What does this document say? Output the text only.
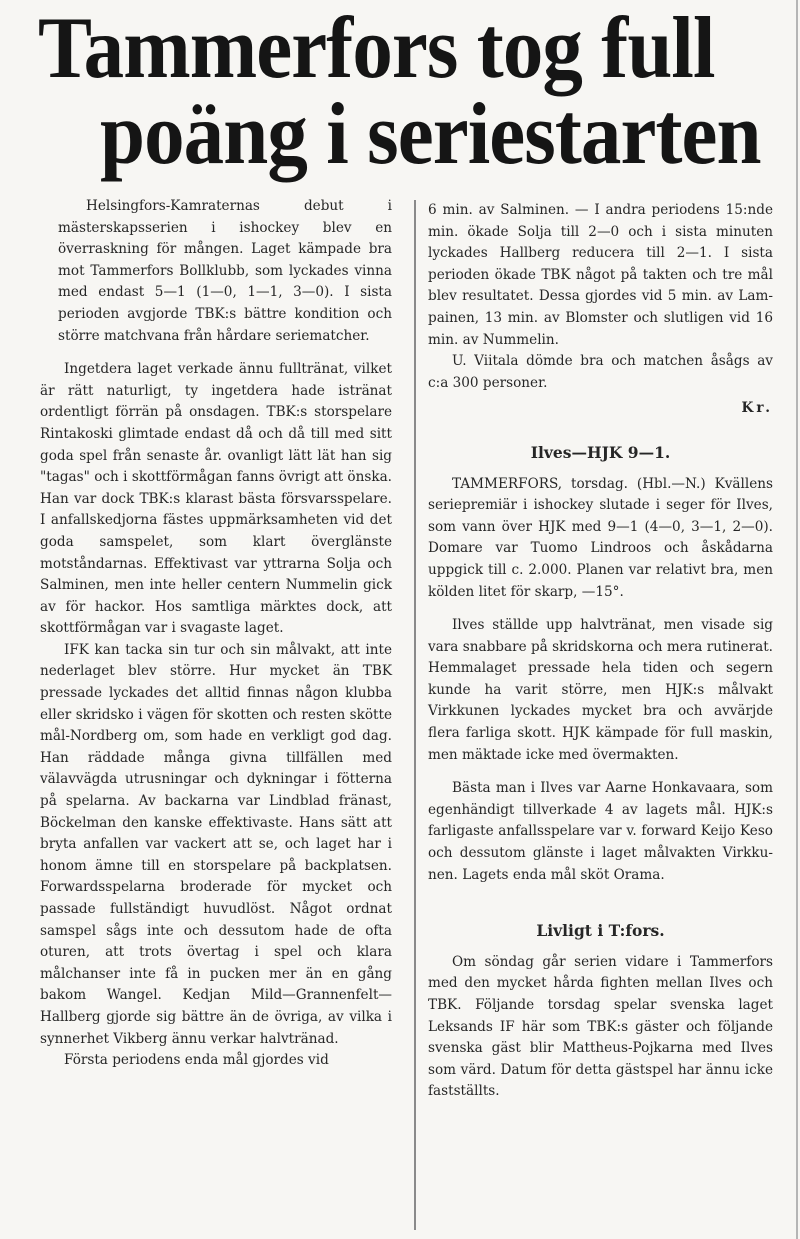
Tammerfors tog full
poäng i seriestarten

Helsingfors-Kamraternas debut i mästerskapsserien i ishockey blev en överraskning för mången. Laget kämpade bra mot Tammerfors Bollklubb, som lyckades vinna med endast 5—1 (1—0, 1—1, 3—0). I sista perioden avgjorde TBK:s bättre kondition och större matchvana från hårdare seriematcher.

Ingetdera laget verkade ännu fulltränat, vilket är rätt naturligt, ty ingetdera hade isträna​t ordentligt förrän på onsdagen. TBK:s storspelare Rintakoski glimtade endast då och då till med sitt goda spel från senaste år. ovanligt lätt lät han sig "tagas" och i skottförmågan fanns övrigt att önska. Han var dock TBK:s klarast bästa försvarsspelare. I anfallskedjorna fästes uppmärksamheten vid det goda samspelet, som klart överglänste motståndarnas. Effektivast var yttrarna Solja och Salminen, men inte heller centern Nummelin gick av för hackor. Hos samtliga märktes dock, att skottförmågan var i svagaste laget.

IFK kan tacka sin tur och sin målvakt, att inte nederlaget blev större. Hur mycket än TBK pressade lyckades det alltid finnas någon klubba eller skridsko i vägen för skotten och resten skötte mål-Nordberg om, som hade en verkligt god dag. Han räddade många givna tillfällen med välavvägda utrusningar och dykningar i fötterna på spelarna. Av backarna var Lindblad fränast, Böckelman den kanske effektivaste. Hans sätt att bryta anfallen var vackert att se, och laget har i honom ämne till en storspelare på backplatsen. Forwardsspelarna broderade för mycket och passade fullständigt huvudlöst. Något ordnat samspel sågs inte och dessutom hade de ofta oturen, att trots övertag i spel och klara målchanser inte få in pucken mer än en gång bakom Wangel. Kedjan Mild—Grannenfelt—Hallberg gjorde sig bättre än de övriga, av vilka i synnerhet Vikberg ännu verkar halvtränad.

Första periodens enda mål gjordes vid

6 min. av Salminen. — I andra periodens 15:nde min. ökade Solja till 2—0 och i sista minuten lyckades Hallberg reducera till 2—1. I sista perioden ökade TBK något på takten och tre mål blev resultatet. Dessa gjordes vid 5 min. av Lampainen, 13 min. av Blomster och slutligen vid 16 min. av Nummelin.

U. Viitala dömde bra och matchen åsågs av c:a 300 personer.

Kr.

Ilves—HJK 9—1.

TAMMERFORS, torsdag. (Hbl.—N.) Kvällens seriepremiär i ishockey slutade i seger för Ilves, som vann över HJK med 9—1 (4—0, 3—1, 2—0). Domare var Tuomo Lindroos och åskådarna uppgick till c. 2.000. Planen var relativt bra, men kölden litet för skarp, —15°.

Ilves ställde upp halvtränat, men visade sig vara snabbare på skridskorna och mera rutinerat. Hemmalaget pressade hela tiden och segern kunde ha varit större, men HJK:s målvakt Virkkunen lyckades mycket bra och avvärjde flera farliga skott. HJK kämpade för full maskin, men mäktade icke med övermakten.

Bästa man i Ilves var Aarne Honkavaara, som egenhändigt tillverkade 4 av lagets mål. HJK:s farligaste anfallsspelare var v. forward Keijo Keso och dessutom glänste i laget målvakten Virkkunen. Lagets enda mål sköt Orama.

Livligt i T:fors.

Om söndag går serien vidare i Tammerfors med den mycket hårda fighten mellan Ilves och TBK. Följande torsdag spelar svenska laget Leksands IF här som TBK:s gäster och följande svenska gäst blir Mattheus-Pojkarna med Ilves som värd. Datum för detta gästspel har ännu icke fastställts.
